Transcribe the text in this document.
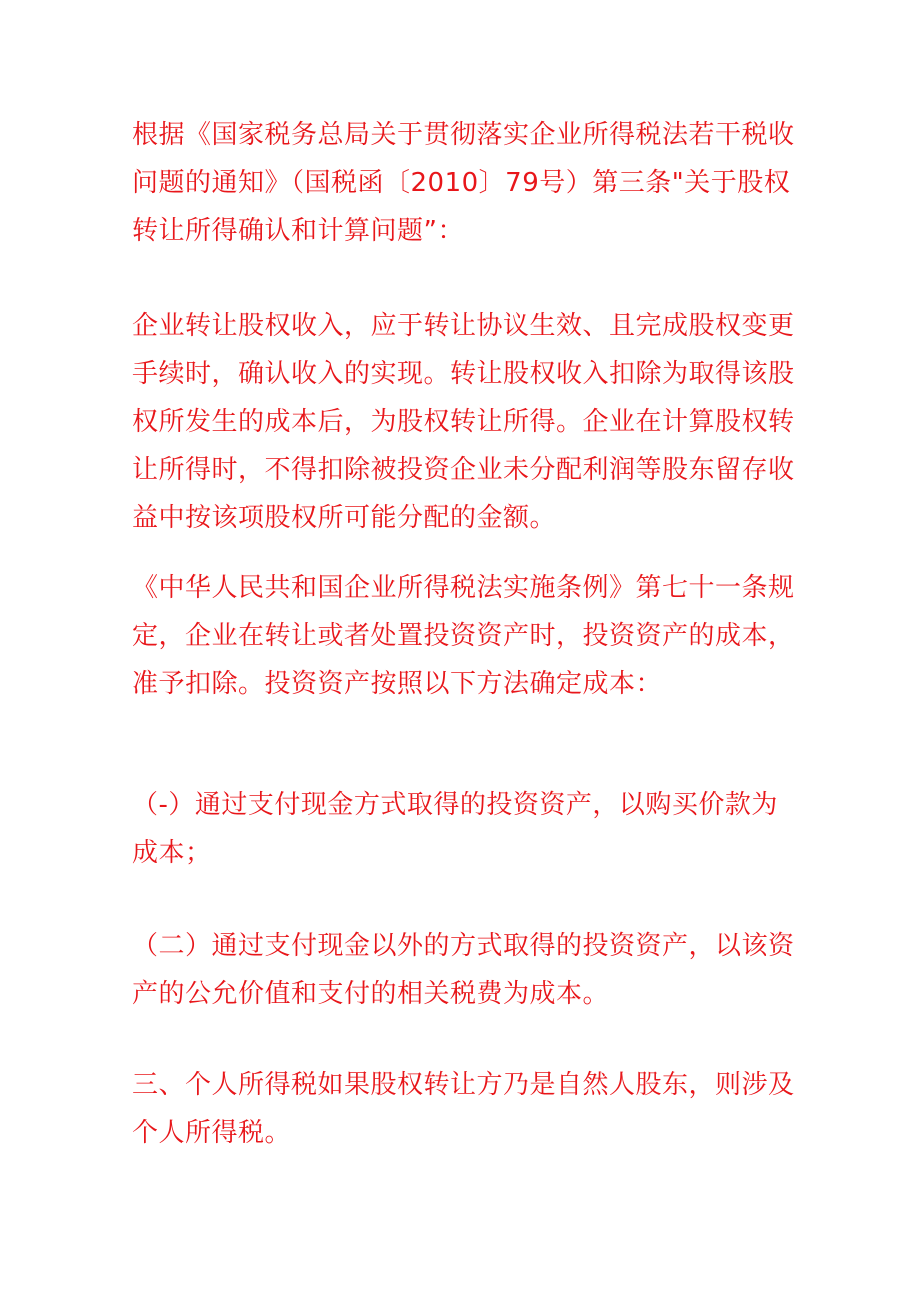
根据《国家税务总局关于贯彻落实企业所得税法若干税收问题的通知》（国税函〔2010〕79号）第三条"关于股权转让所得确认和计算问题”：

企业转让股权收入，应于转让协议生效、且完成股权变更手续时，确认收入的实现。转让股权收入扣除为取得该股权所发生的成本后，为股权转让所得。企业在计算股权转让所得时，不得扣除被投资企业未分配利润等股东留存收益中按该项股权所可能分配的金额。

《中华人民共和国企业所得税法实施条例》第七十一条规定，企业在转让或者处置投资资产时，投资资产的成本，准予扣除。投资资产按照以下方法确定成本：

（-）通过支付现金方式取得的投资资产，以购买价款为成本；

（二）通过支付现金以外的方式取得的投资资产，以该资产的公允价值和支付的相关税费为成本。

三、个人所得税如果股权转让方乃是自然人股东，则涉及个人所得税。
